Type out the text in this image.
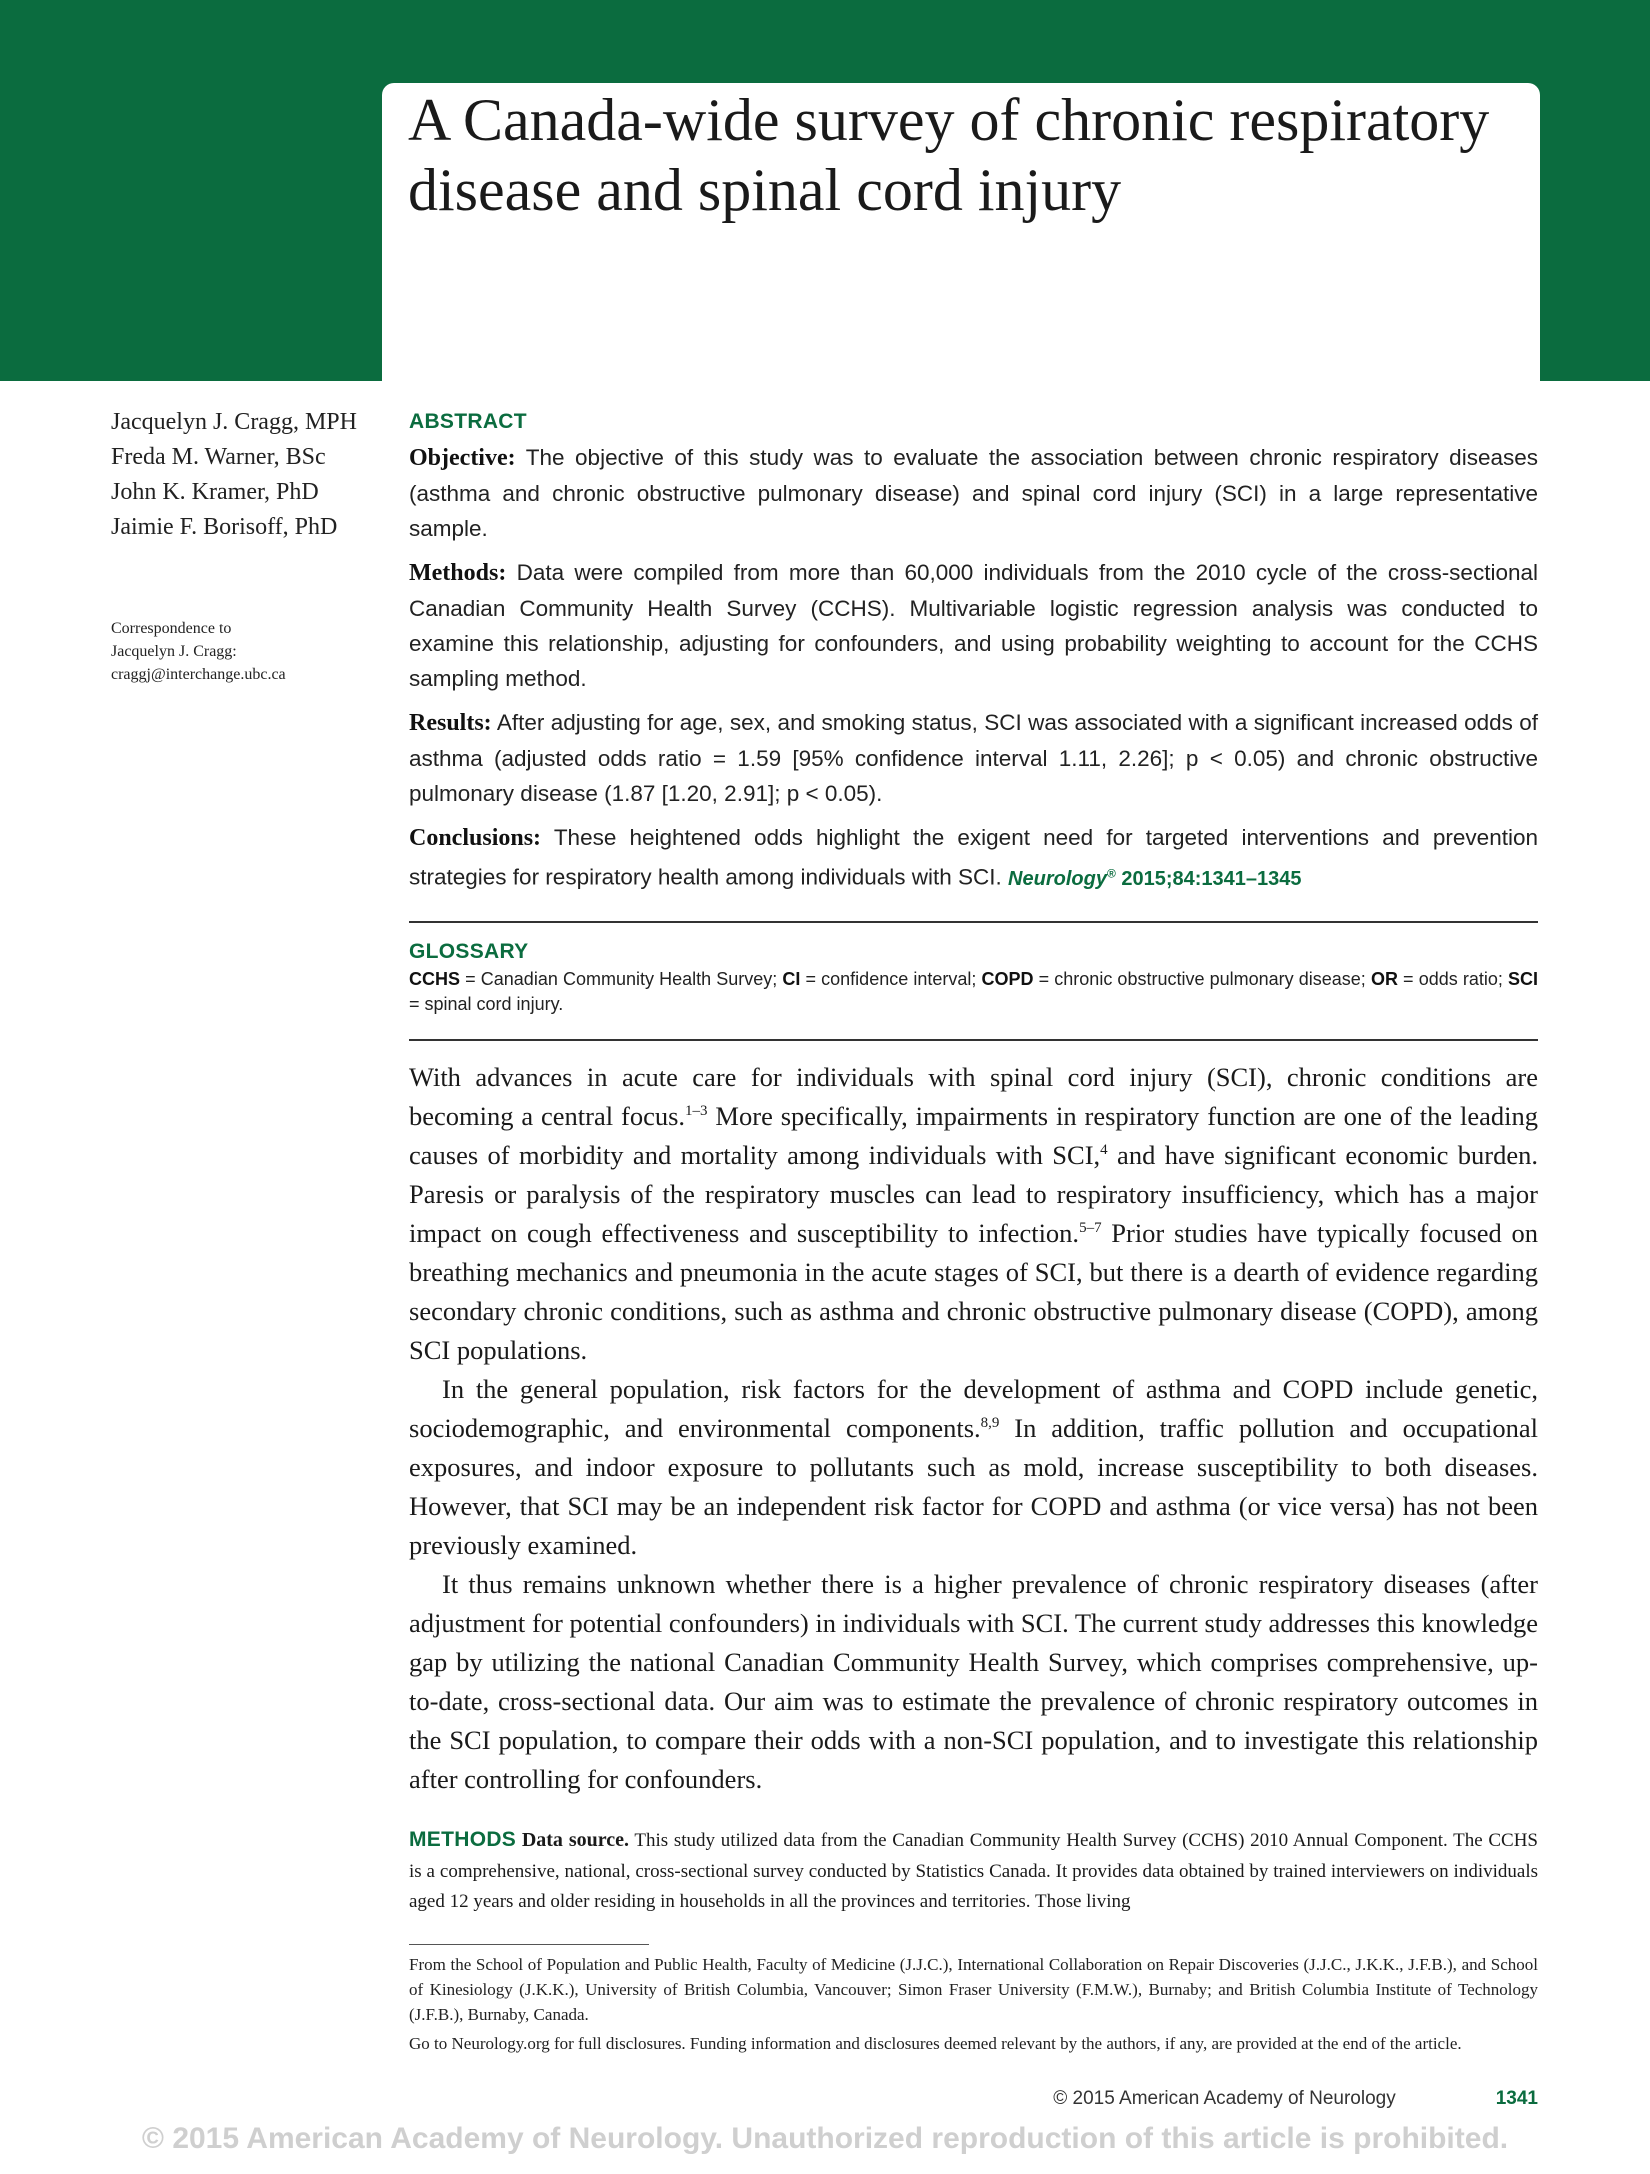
A Canada-wide survey of chronic respiratory disease and spinal cord injury
Jacquelyn J. Cragg, MPH
Freda M. Warner, BSc
John K. Kramer, PhD
Jaimie F. Borisoff, PhD
Correspondence to
Jacquelyn J. Cragg:
craggj@interchange.ubc.ca
ABSTRACT

Objective: The objective of this study was to evaluate the association between chronic respiratory diseases (asthma and chronic obstructive pulmonary disease) and spinal cord injury (SCI) in a large representative sample.

Methods: Data were compiled from more than 60,000 individuals from the 2010 cycle of the cross-sectional Canadian Community Health Survey (CCHS). Multivariable logistic regression analysis was conducted to examine this relationship, adjusting for confounders, and using probability weighting to account for the CCHS sampling method.

Results: After adjusting for age, sex, and smoking status, SCI was associated with a significant increased odds of asthma (adjusted odds ratio = 1.59 [95% confidence interval 1.11, 2.26]; p < 0.05) and chronic obstructive pulmonary disease (1.87 [1.20, 2.91]; p < 0.05).

Conclusions: These heightened odds highlight the exigent need for targeted interventions and prevention strategies for respiratory health among individuals with SCI. Neurology® 2015;84:1341–1345

GLOSSARY
CCHS = Canadian Community Health Survey; CI = confidence interval; COPD = chronic obstructive pulmonary disease; OR = odds ratio; SCI = spinal cord injury.

With advances in acute care for individuals with spinal cord injury (SCI), chronic conditions are becoming a central focus.$^{1-3}$ More specifically, impairments in respiratory function are one of the leading causes of morbidity and mortality among individuals with SCI,$^4$ and have significant economic burden. Paresis or paralysis of the respiratory muscles can lead to respiratory insufficiency, which has a major impact on cough effectiveness and susceptibility to infection.$^{5-7}$ Prior studies have typically focused on breathing mechanics and pneumonia in the acute stages of SCI, but there is a dearth of evidence regarding secondary chronic conditions, such as asthma and chronic obstructive pulmonary disease (COPD), among SCI populations.

In the general population, risk factors for the development of asthma and COPD include genetic, sociodemographic, and environmental components.$^{8,9}$ In addition, traffic pollution and occupational exposures, and indoor exposure to pollutants such as mold, increase susceptibility to both diseases. However, that SCI may be an independent risk factor for COPD and asthma (or vice versa) has not been previously examined.

It thus remains unknown whether there is a higher prevalence of chronic respiratory diseases (after adjustment for potential confounders) in individuals with SCI. The current study addresses this knowledge gap by utilizing the national Canadian Community Health Survey, which comprises comprehensive, up-to-date, cross-sectional data. Our aim was to estimate the prevalence of chronic respiratory outcomes in the SCI population, to compare their odds with a non-SCI population, and to investigate this relationship after controlling for confounders.

METHODS Data source. This study utilized data from the Canadian Community Health Survey (CCHS) 2010 Annual Component. The CCHS is a comprehensive, national, cross-sectional survey conducted by Statistics Canada. It provides data obtained by trained interviewers on individuals aged 12 years and older residing in households in all the provinces and territories. Those living

From the School of Population and Public Health, Faculty of Medicine (J.J.C.), International Collaboration on Repair Discoveries (J.J.C., J.K.K., J.F.B.), and School of Kinesiology (J.K.K.), University of British Columbia, Vancouver; Simon Fraser University (F.M.W.), Burnaby; and British Columbia Institute of Technology (J.F.B.), Burnaby, Canada.

Go to Neurology.org for full disclosures. Funding information and disclosures deemed relevant by the authors, if any, are provided at the end of the article.

© 2015 American Academy of Neurology	1341
© 2015 American Academy of Neurology. Unauthorized reproduction of this article is prohibited.
